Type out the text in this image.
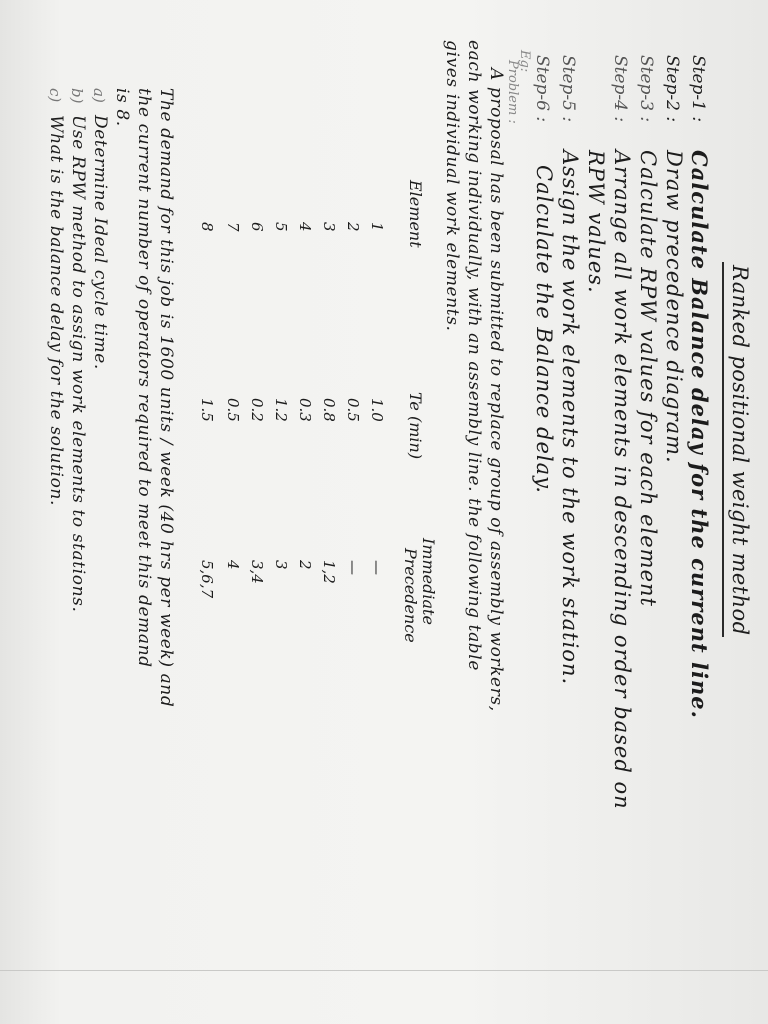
Ranked positional weight method
Step-1 :
Calculate Balance delay for the current line.
Step-2 :
Draw precedence diagram.
Step-3 :
Calculate RPW values for each element
Step-4 :
Arrange all work elements in descending order based on
RPW values.
Step-5 :
Assign the work elements to the work station.
Step-6 :
Calculate the Balance delay.
Eg:
Problem :
A proposal has been submitted to replace group of assembly workers,
each working individually, with an assembly line. the following table
gives individual work elements.
Element
Te (min)
Immediate
Precedence
1
1.0
—
2
0.5
—
3
0.8
1,2
4
0.3
2
5
1.2
3
6
0.2
3,4
7
0.5
4
8
1.5
5,6,7
The demand for this job is 1600 units / week (40 hrs per week) and
the current number of operators required to meet this demand
is 8.
a)
Determine Ideal cycle time.
b)
Use RPW method to assign work elements to stations.
c)
What is the balance delay for the solution.
